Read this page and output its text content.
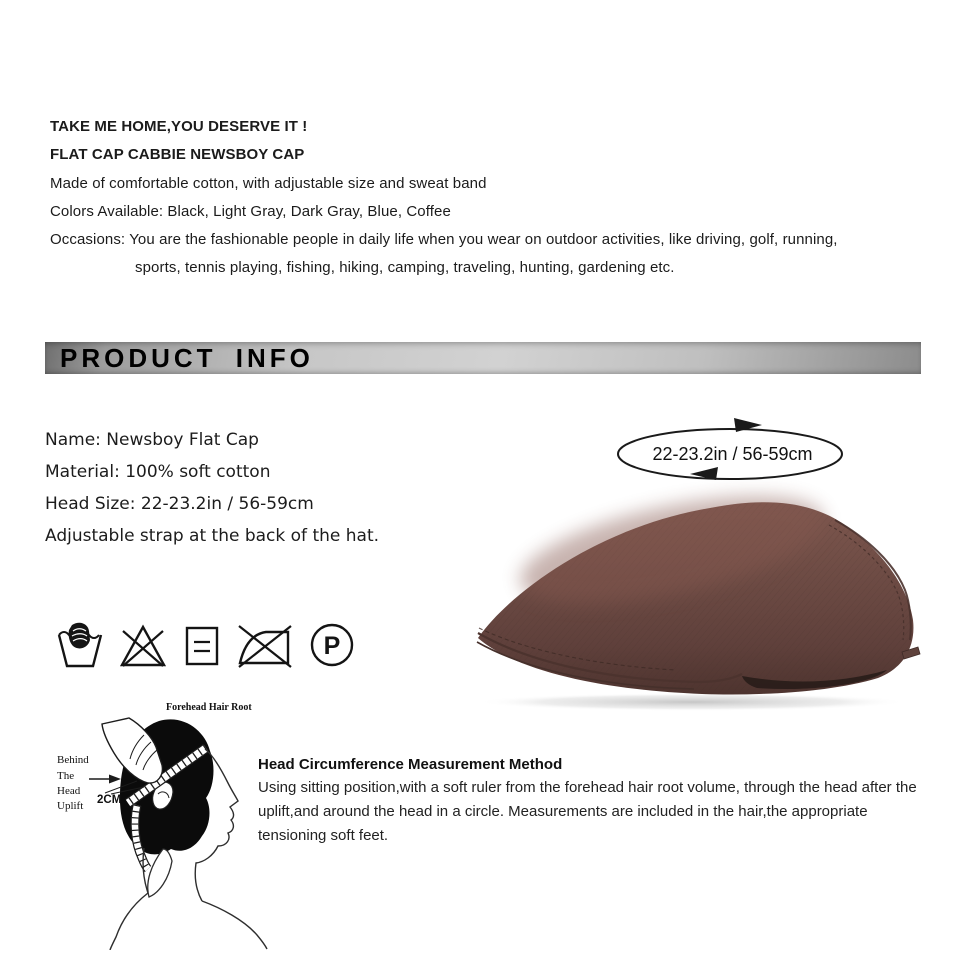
TAKE ME HOME,YOU DESERVE IT !
FLAT CAP CABBIE NEWSBOY CAP
Made of comfortable cotton, with adjustable size and sweat band
Colors Available: Black, Light Gray, Dark Gray, Blue, Coffee
Occasions: You are the fashionable people in daily life when you wear on outdoor activities, like driving, golf, running,
sports, tennis playing, fishing, hiking, camping, traveling, hunting, gardening etc.
PRODUCT INFO
Name: Newsboy Flat Cap
Material: 100% soft cotton
Head Size: 22-23.2in / 56-59cm
Adjustable strap at the back of the hat.
22-23.2in / 56-59cm
P
Forehead Hair Root
Behind
The
Head
Uplift 2CM
Head Circumference Measurement Method
Using sitting position,with a soft ruler from the forehead hair root volume, through the head after the
uplift,and around the head in a circle. Measurements are included in the hair,the appropriate
tensioning soft feet.
